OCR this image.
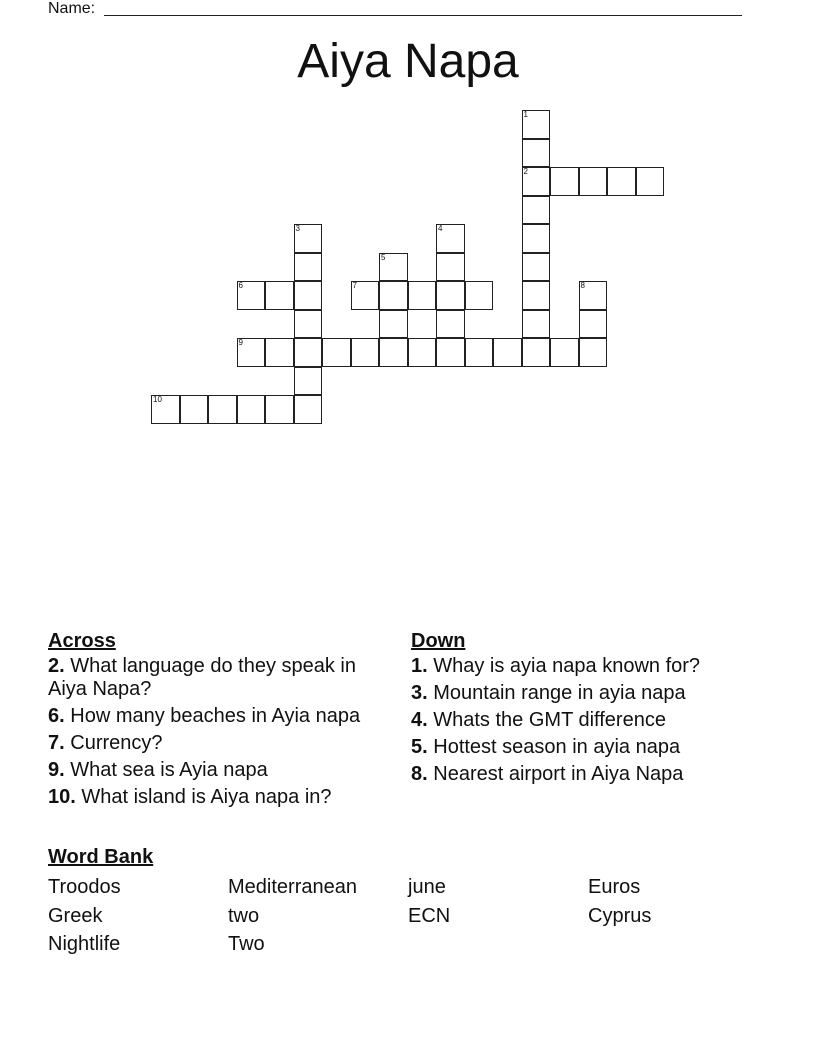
Name:
Aiya Napa
1
2
3	4
5
8
6	7
9
10
Across
2. What language do they speak in Aiya Napa?
6. How many beaches in Ayia napa
7. Currency?
9. What sea is Ayia napa
10. What island is Aiya napa in?
Down
1. Whay is ayia napa known for?
3. Mountain range in ayia napa
4. Whats the GMT difference
5. Hottest season in ayia napa
8. Nearest airport in Aiya Napa
Word Bank
Troodos	Mediterranean	june	Euros
Greek	two	ECN	Cyprus
Nightlife	Two
